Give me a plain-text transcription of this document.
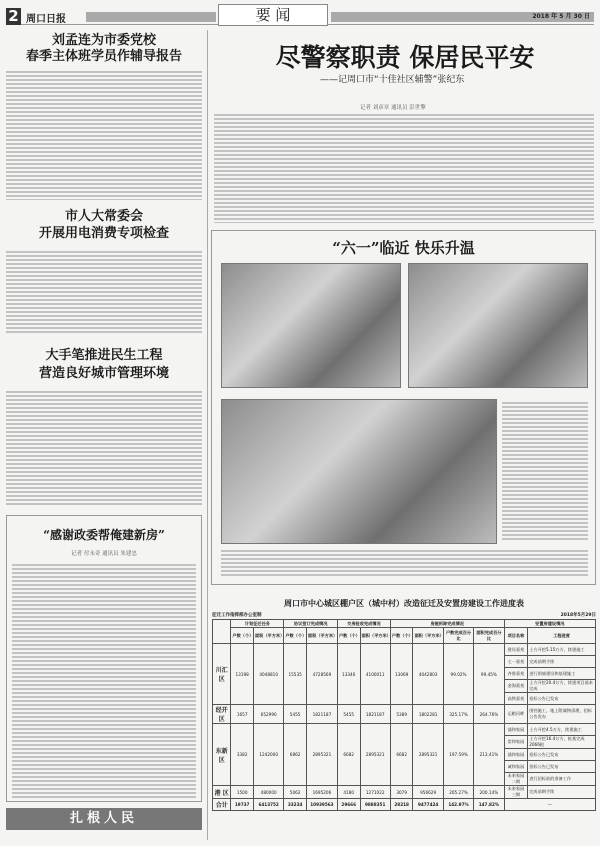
2 周口日报	要 闻	2018 年 5 月 30 日
刘孟连为市委党校
春季主体班学员作辅导报告
市人大常委会
开展用电消费专项检查
大手笔推进民生工程
营造良好城市管理环境
“感谢政委帮俺建新房”
记者 付永奇 通讯员 朱建忠
扎根人民
尽警察职责 保居民平安
——记周口市“十佳社区辅警”张纪东
记者 刘彦章 通讯员 彭世擎
“六一”临近 快乐升温
周口市中心城区棚户区（城中村）改造征迁及安置房建设工作进度表
征迁工作指挥部办公室制	2018年5月29日
	计划征迁任务		协议签订完成情况		交房验收完成情况		房屋拆除完成情况				安置房建设情况	
	户数（个）	面积（平方米）	户数（个）	面积（平方米）	户数（个）	面积（平方米）	户数（个）	面积（平方米）	户数完成百分比	面积完成百分比	项目名称	工程进度
川汇区	13198	4048810	15535	4728569	13346	4100011	13069	4042803	99.02%	99.45%	建设嘉苑	土方开挖5.15万方，续建施工
											七一嘉苑	完成前期手续
											齐鲁嘉苑	进行围墙建设和基建施工
											金海嘉苑	土方开挖20.4万方，续建项目基本完成
											高铁嘉苑	招标公告已发布
经开区	1657	652990	5455	1821187	5455	1821187	5389	1802281	325.17%	264.76%	运粮河畔	围挡施工，地上附属物清理，招标公告发布
东新区	3382	1242000	6862	2895321	6682	2895321	6682	2895321	197.59%	213.41%	浦和家园	土方开挖4.5万方，续建施工
											崇和家园	土方开挖16.4万方，桩基完成2066根
											浦和家园	招标公告已发布
											诚和家园	招标公告已发布
											未来家园二期	进行招标前的准备工作
港 区	1500	480000	5062	1695206	4180	1271022	3079	956629	205.27%	200.14%	未来家园三期	完成前期手续
合计	19737	6413752	33234	10939563	29666	9888351	28218	9477424	142.97%	147.82%	—	
